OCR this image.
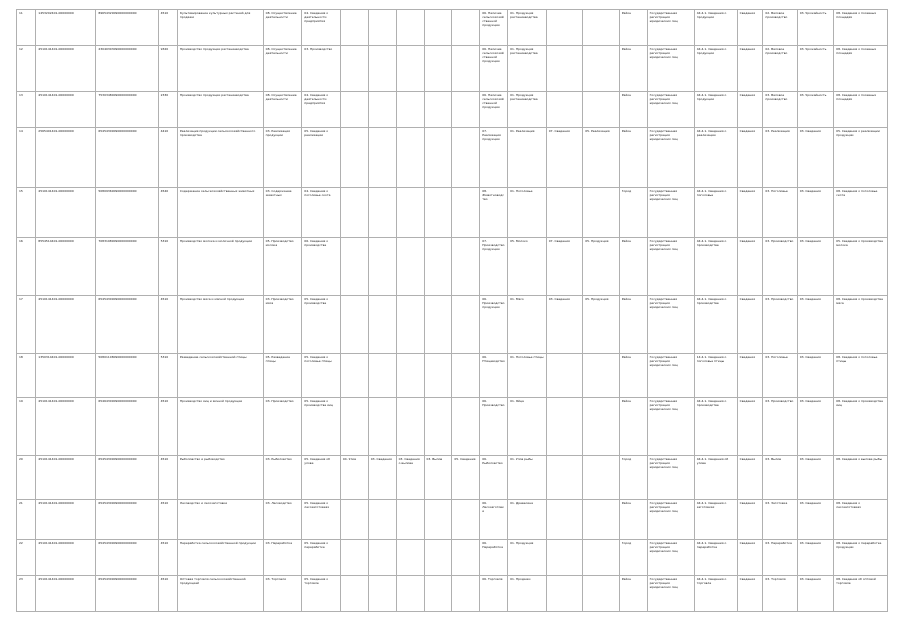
11	1453202401-00000000	89654329090000000000	4510	Культивирование культурных растений для продажи	08. Осуществление деятельности	04. Сведения о деятельности предприятия						06. Наличие сельскохозяйственной продукции	01. Продукция растениеводства			Район	Государственная регистрация юридических лиц	44.4.1. Сведения о продукции	Сведения	02. Валовое производство	03. Урожайность	08. Сведения о посевных площадях
12	4510141401-00000000	23040303090000000000	9320	Производство продукции растениеводства	08. Осуществление деятельности	03. Производство						06. Наличие сельскохозяйственной продукции	01. Продукция растениеводства			Район	Государственная регистрация юридических лиц	44.4.1. Сведения о продукции	Сведения	02. Валовое производство	03. Урожайность	08. Сведения о посевных площадях
13	4510141401-00000000	75303480090000000000	2330	Производство продукции растениеводства	08. Осуществление деятельности	04. Сведения о деятельности предприятия						06. Наличие сельскохозяйственной продукции	01. Продукция растениеводства			Район	Государственная регистрация юридических лиц	44.4.1. Сведения о продукции	Сведения	03. Валовое производство	03. Урожайность	08. Сведения о посевных площадях
14	2565401401-00000000	65454309090000000000	4410	Реализация продукции сельскохозяйственного производства	03. Реализация продукции	05. Сведения о реализации						07. Реализация продукции	01. Реализация	07. Сведения	05. Реализация	Район	Государственная регистрация юридических лиц	44.4.1. Сведения о реализации	Сведения	03. Реализация	03. Сведения	05. Сведения о реализации продукции
15	4510141401-00000000	50809369090000000000	4540	Содержание сельскохозяйственных животных	03. Содержание животных	04. Сведения о поголовье скота						08. Животноводство	01. Поголовье			Город	Государственная регистрация юридических лиц	44.4.1. Сведения о поголовье	Сведения	03. Поголовье	03. Сведения	08. Сведения о поголовье скота
16	8554514401-00000000	70831989090000000000	5310	Производство молока и молочной продукции	05. Производство молока	06. Сведения о производстве						07. Производство продукции	05. Молоко	07. Сведения	05. Продукция	Район	Государственная регистрация юридических лиц	44.4.1. Сведения о производстве	Сведения	03. Производство	03. Сведения	05. Сведения о производстве молока
17	4510141401-00000000	65454309090000000000	4510	Производство мяса и мясной продукции	03. Производство мяса	05. Сведения о производстве						06. Производство продукции	01. Мясо	03. Сведения	05. Продукция	Район	Государственная регистрация юридических лиц	44.4.1. Сведения о производстве	Сведения	03. Производство	03. Сведения	08. Сведения о производстве мяса
18	1350314401-00000000	50801108090000000000	5310	Разведение сельскохозяйственной птицы	05. Разведение птицы	05. Сведения о поголовье птицы						06. Птицеводство	01. Поголовье птицы			Район	Государственная регистрация юридических лиц	14.4.1. Сведения о поголовье птицы	Сведения	03. Поголовье	03. Сведения	08. Сведения о поголовье птицы
19	4510141401-00000000	65464309090000000000	4510	Производство яиц и яичной продукции	03. Производство	05. Сведения о производстве яиц						06. Производство	01. Яйца			Район	Государственная регистрация юридических лиц	44.4.1. Сведения о производстве	Сведения	03. Производство	03. Сведения	08. Сведения о производстве яиц
20	4510141401-00000000	65454309090000000000	4510	Рыболовство и рыбоводство	03. Рыболовство	05. Сведения об улове	04. Улов	03. Сведения	03. Сведения о вылове	03. Вылов	05. Сведения	06. Рыболовство	01. Улов рыбы			Город	Государственная регистрация юридических лиц	44.4.1. Сведения об улове	Сведения	03. Вылов	03. Сведения	08. Сведения о вылове рыбы
21	4510141401-00000000	65454309090000000000	4510	Лесоводство и лесозаготовки	03. Лесоводство	05. Сведения о лесозаготовках						06. Лесозаготовки	01. Древесина			Район	Государственная регистрация юридических лиц	44.4.1. Сведения о заготовках	Сведения	03. Заготовка	03. Сведения	08. Сведения о лесозаготовках
22	4510141401-00000000	65454309090000000000	4510	Переработка сельскохозяйственной продукции	03. Переработка	05. Сведения о переработке						06. Переработка	01. Продукция			Город	Государственная регистрация юридических лиц	44.4.1. Сведения о переработке	Сведения	03. Переработка	03. Сведения	08. Сведения о переработке продукции
23	4510141401-00000000	65454309090000000000	4510	Оптовая торговля сельскохозяйственной продукцией	03. Торговля	05. Сведения о торговле						06. Торговля	01. Продажи			Район	Государственная регистрация юридических лиц	44.4.1. Сведения о торговле	Сведения	03. Торговля	03. Сведения	08. Сведения об оптовой торговле
